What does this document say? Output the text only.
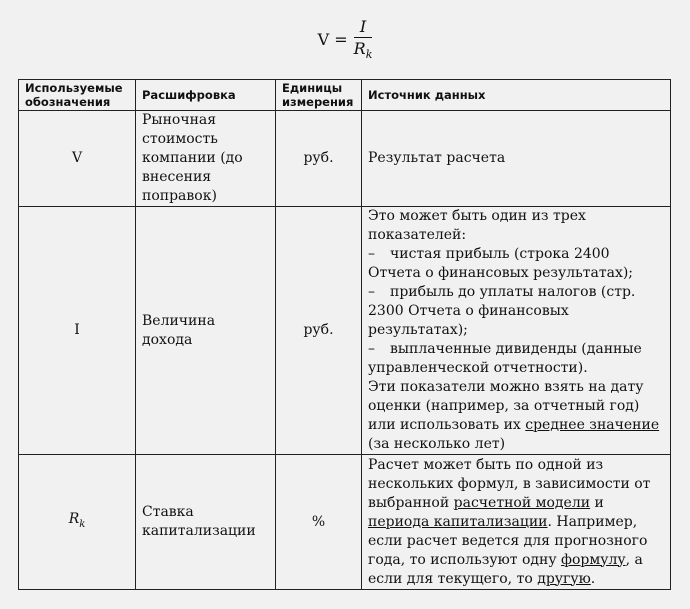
$V = \frac{I}{R_k}$
Используемые обозначения	Расшифровка	Единицы измерения	Источник данных
V	Рыночная стоимость компании (до внесения поправок)	руб.	Результат расчета
I	Величина дохода	руб.	Это может быть один из трех показателей:
– чистая прибыль (строка 2400 Отчета о финансовых результатах);
– прибыль до уплаты налогов (стр. 2300 Отчета о финансовых результатах);
– выплаченные дивиденды (данные управленческой отчетности).
Эти показатели можно взять на дату оценки (например, за отчетный год) или использовать их среднее значение (за несколько лет)

$R_k$	Ставка капитализации	%	Расчет может быть по одной из нескольких формул, в зависимости от выбранной расчетной модели и периода капитализации. Например, если расчет ведется для прогнозного года, то используют одну формулу, а если для текущего, то другую.
